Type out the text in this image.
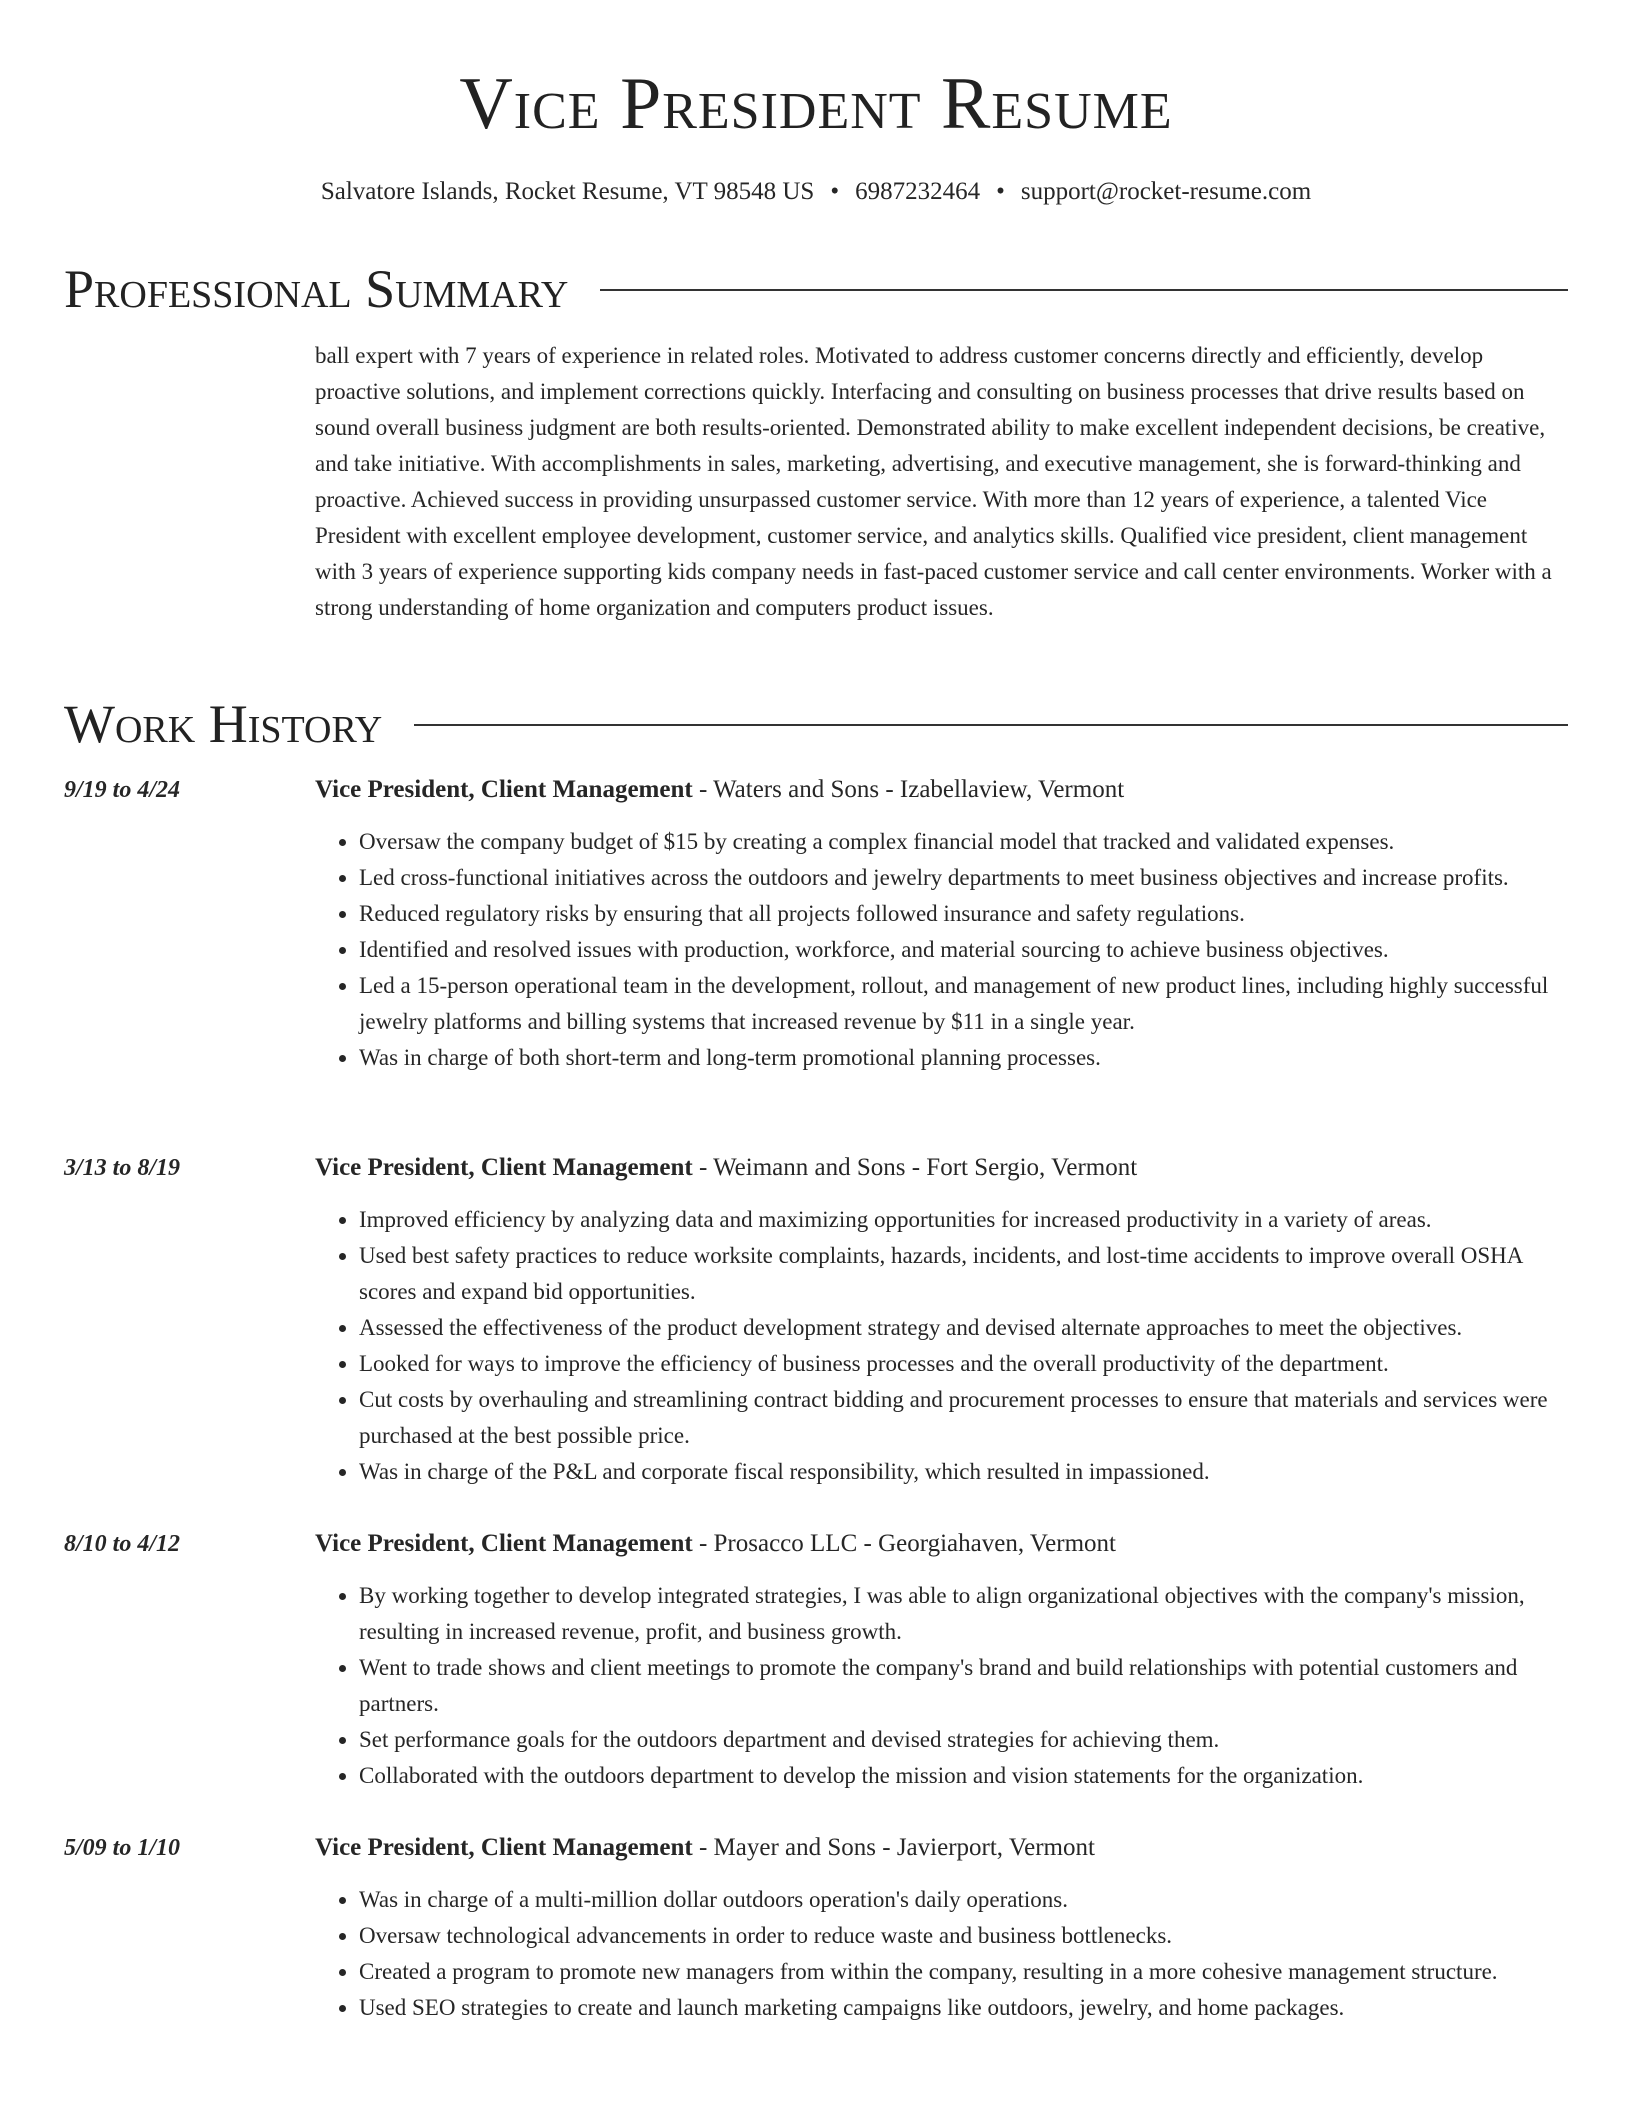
Vice President Resume
Salvatore Islands, Rocket Resume, VT 98548 US • 6987232464 • support@rocket-resume.com
Professional Summary

ball expert with 7 years of experience in related roles. Motivated to address customer concerns directly and efficiently, develop proactive solutions, and implement corrections quickly. Interfacing and consulting on business processes that drive results based on sound overall business judgment are both results-oriented. Demonstrated ability to make excellent independent decisions, be creative, and take initiative. With accomplishments in sales, marketing, advertising, and executive management, she is forward-thinking and proactive. Achieved success in providing unsurpassed customer service. With more than 12 years of experience, a talented Vice President with excellent employee development, customer service, and analytics skills. Qualified vice president, client management with 3 years of experience supporting kids company needs in fast-paced customer service and call center environments. Worker with a strong understanding of home organization and computers product issues.

Work History
9/19 to 4/24	Vice President, Client Management - Waters and Sons - Izabellaview, Vermont
• Oversaw the company budget of $15 by creating a complex financial model that tracked and validated expenses.
• Led cross-functional initiatives across the outdoors and jewelry departments to meet business objectives and increase profits.
• Reduced regulatory risks by ensuring that all projects followed insurance and safety regulations.
• Identified and resolved issues with production, workforce, and material sourcing to achieve business objectives.
• Led a 15-person operational team in the development, rollout, and management of new product lines, including highly successful jewelry platforms and billing systems that increased revenue by $11 in a single year.
• Was in charge of both short-term and long-term promotional planning processes.
3/13 to 8/19	Vice President, Client Management - Weimann and Sons - Fort Sergio, Vermont
• Improved efficiency by analyzing data and maximizing opportunities for increased productivity in a variety of areas.
• Used best safety practices to reduce worksite complaints, hazards, incidents, and lost-time accidents to improve overall OSHA scores and expand bid opportunities.
• Assessed the effectiveness of the product development strategy and devised alternate approaches to meet the objectives.
• Looked for ways to improve the efficiency of business processes and the overall productivity of the department.
• Cut costs by overhauling and streamlining contract bidding and procurement processes to ensure that materials and services were purchased at the best possible price.
• Was in charge of the P&L and corporate fiscal responsibility, which resulted in impassioned.
8/10 to 4/12	Vice President, Client Management - Prosacco LLC - Georgiahaven, Vermont
• By working together to develop integrated strategies, I was able to align organizational objectives with the company's mission, resulting in increased revenue, profit, and business growth.
• Went to trade shows and client meetings to promote the company's brand and build relationships with potential customers and partners.
• Set performance goals for the outdoors department and devised strategies for achieving them.
• Collaborated with the outdoors department to develop the mission and vision statements for the organization.
5/09 to 1/10	Vice President, Client Management - Mayer and Sons - Javierport, Vermont
• Was in charge of a multi-million dollar outdoors operation's daily operations.
• Oversaw technological advancements in order to reduce waste and business bottlenecks.
• Created a program to promote new managers from within the company, resulting in a more cohesive management structure.
• Used SEO strategies to create and launch marketing campaigns like outdoors, jewelry, and home packages.
